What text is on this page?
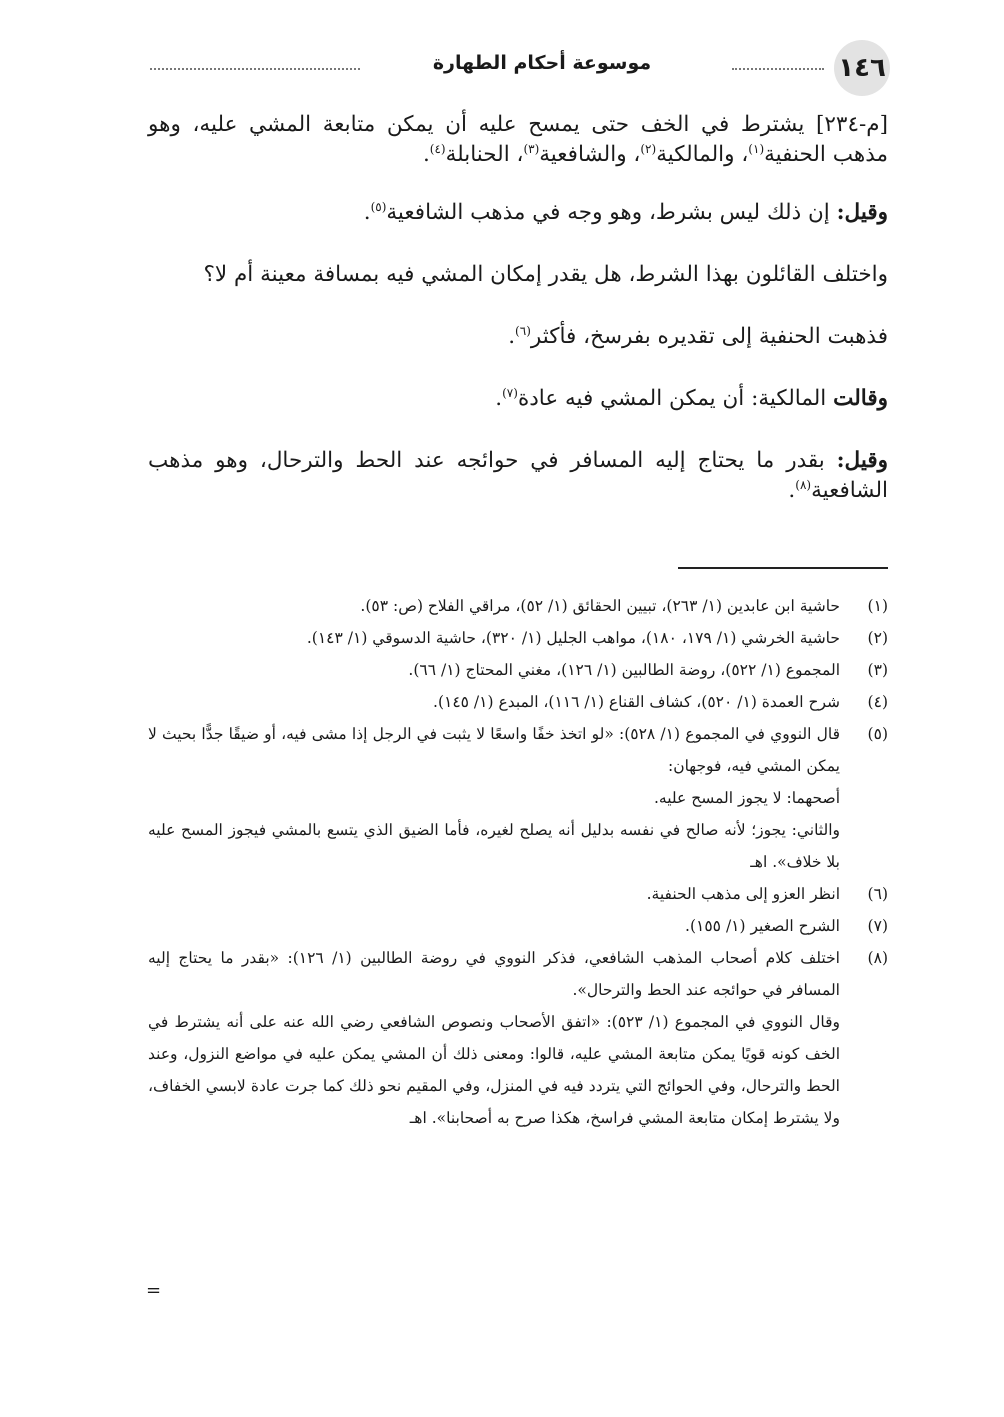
١٤٦
موسوعة أحكام الطهارة

[م-٢٣٤] يشترط في الخف حتى يمسح عليه أن يمكن متابعة المشي عليه، وهو مذهب الحنفية$^{(١)}$، والمالكية$^{(٢)}$، والشافعية$^{(٣)}$، الحنابلة$^{(٤)}$.

وقيل: إن ذلك ليس بشرط، وهو وجه في مذهب الشافعية$^{(٥)}$.

واختلف القائلون بهذا الشرط، هل يقدر إمكان المشي فيه بمسافة معينة أم لا؟

فذهبت الحنفية إلى تقديره بفرسخ، فأكثر$^{(٦)}$.

وقالت المالكية: أن يمكن المشي فيه عادة$^{(٧)}$.

وقيل: بقدر ما يحتاج إليه المسافر في حوائجه عند الحط والترحال، وهو مذهب الشافعية$^{(٨)}$.

(١)
حاشية ابن عابدين (١/ ٢٦٣)، تبيين الحقائق (١/ ٥٢)، مراقي الفلاح (ص: ٥٣).
(٢)
حاشية الخرشي (١/ ١٧٩، ١٨٠)، مواهب الجليل (١/ ٣٢٠)، حاشية الدسوقي (١/ ١٤٣).
(٣)
المجموع (١/ ٥٢٢)، روضة الطالبين (١/ ١٢٦)، مغني المحتاج (١/ ٦٦).
(٤)
شرح العمدة (١/ ٥٢٠)، كشاف القناع (١/ ١١٦)، المبدع (١/ ١٤٥).
(٥)
قال النووي في المجموع (١/ ٥٢٨): «لو اتخذ خفًا واسعًا لا يثبت في الرجل إذا مشى فيه، أو ضيقًا جدًّا بحيث لا يمكن المشي فيه، فوجهان:
أصحهما: لا يجوز المسح عليه.
والثاني: يجوز؛ لأنه صالح في نفسه بدليل أنه يصلح لغيره، فأما الضيق الذي يتسع بالمشي فيجوز المسح عليه بلا خلاف». اهـ
(٦)
انظر العزو إلى مذهب الحنفية.
(٧)
الشرح الصغير (١/ ١٥٥).
(٨)
اختلف كلام أصحاب المذهب الشافعي، فذكر النووي في روضة الطالبين (١/ ١٢٦): «بقدر ما يحتاج إليه المسافر في حوائجه عند الحط والترحال».
وقال النووي في المجموع (١/ ٥٢٣): «اتفق الأصحاب ونصوص الشافعي رضي الله عنه على أنه يشترط في الخف كونه قويًا يمكن متابعة المشي عليه، قالوا: ومعنى ذلك أن المشي يمكن عليه في مواضع النزول، وعند الحط والترحال، وفي الحوائج التي يتردد فيه في المنزل، وفي المقيم نحو ذلك كما جرت عادة لابسي الخفاف، ولا يشترط إمكان متابعة المشي فراسخ، هكذا صرح به أصحابنا». اهـ
=
